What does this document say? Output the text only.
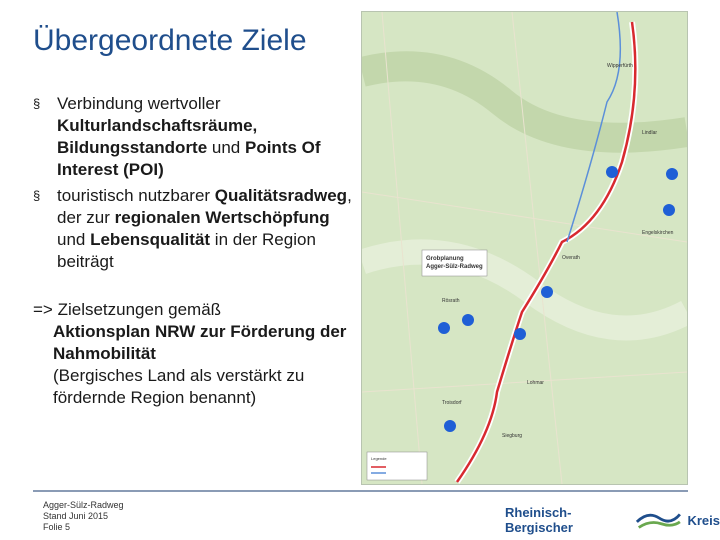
Übergeordnete Ziele
§ Verbindung wertvoller Kulturlandschaftsräume, Bildungsstandorte und Points Of Interest (POI)
§ touristisch nutzbarer Qualitätsradweg, der zur regionalen Wertschöpfung und Lebensqualität in der Region beiträgt
=> Zielsetzungen gemäß
Aktionsplan NRW zur Förderung der Nahmobilität
(Bergisches Land als verstärkt zu fördernde Region benannt)
Wipperfürth
Lindlar
Engelskirchen
Overath
Rösrath
Lohmar
Troisdorf
Siegburg
Grobplanung Agger-Sülz-Radweg
Legende
Agger-Sülz-Radweg
Stand Juni 2015
Folie 5
Rheinisch-Bergischer	Kreis
